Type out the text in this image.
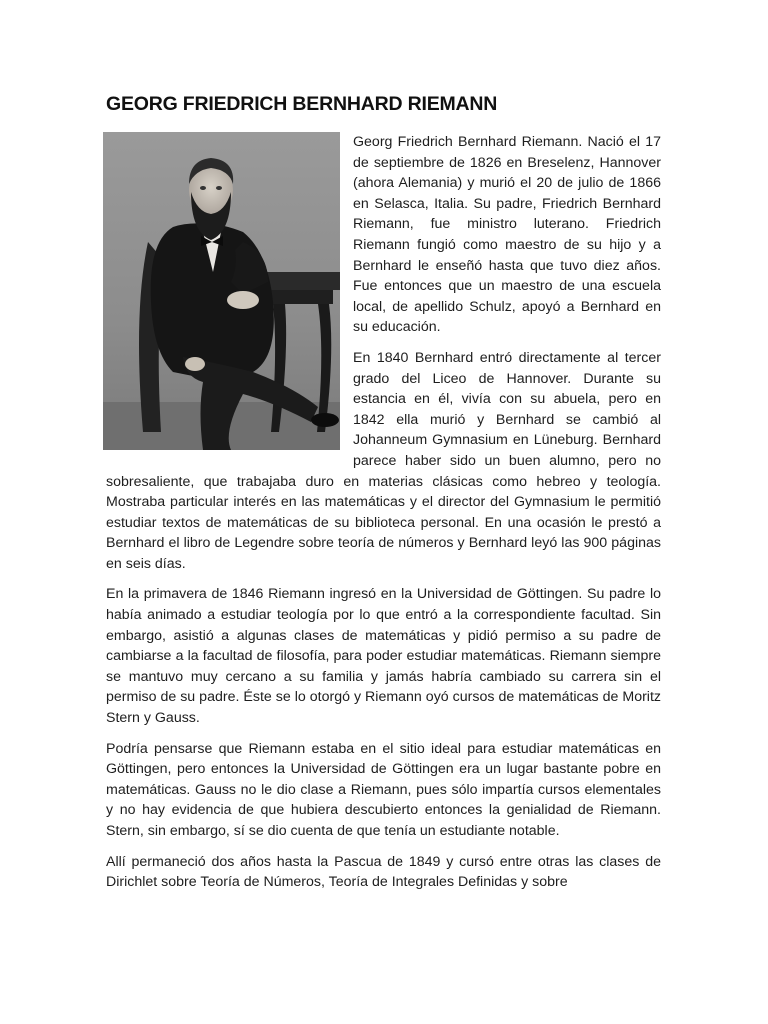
GEORG FRIEDRICH BERNHARD RIEMANN

Georg Friedrich Bernhard Riemann. Nació el 17 de septiembre de 1826 en Breselenz, Hannover (ahora Alemania) y murió el 20 de julio de 1866 en Selasca, Italia. Su padre, Friedrich Bernhard Riemann, fue ministro luterano. Friedrich Riemann fungió como maestro de su hijo y a Bernhard le enseñó hasta que tuvo diez años. Fue entonces que un maestro de una escuela local, de apellido Schulz, apoyó a Bernhard en su educación.

En 1840 Bernhard entró directamente al tercer grado del Liceo de Hannover. Durante su estancia en él, vivía con su abuela, pero en 1842 ella murió y Bernhard se cambió al Johanneum Gymnasium en Lüneburg. Bernhard parece haber sido un buen alumno, pero no sobresaliente, que trabajaba duro en materias clásicas como hebreo y teología. Mostraba particular interés en las matemáticas y el director del Gymnasium le permitió estudiar textos de matemáticas de su biblioteca personal. En una ocasión le prestó a Bernhard el libro de Legendre sobre teoría de números y Bernhard leyó las 900 páginas en seis días.

En la primavera de 1846 Riemann ingresó en la Universidad de Göttingen. Su padre lo había animado a estudiar teología por lo que entró a la correspondiente facultad. Sin embargo, asistió a algunas clases de matemáticas y pidió permiso a su padre de cambiarse a la facultad de filosofía, para poder estudiar matemáticas. Riemann siempre se mantuvo muy cercano a su familia y jamás habría cambiado su carrera sin el permiso de su padre. Éste se lo otorgó y Riemann oyó cursos de matemáticas de Moritz Stern y Gauss.

Podría pensarse que Riemann estaba en el sitio ideal para estudiar matemáticas en Göttingen, pero entonces la Universidad de Göttingen era un lugar bastante pobre en matemáticas. Gauss no le dio clase a Riemann, pues sólo impartía cursos elementales y no hay evidencia de que hubiera descubierto entonces la genialidad de Riemann. Stern, sin embargo, sí se dio cuenta de que tenía un estudiante notable.

Allí permaneció dos años hasta la Pascua de 1849 y cursó entre otras las clases de Dirichlet sobre Teoría de Números, Teoría de Integrales Definidas y sobre
